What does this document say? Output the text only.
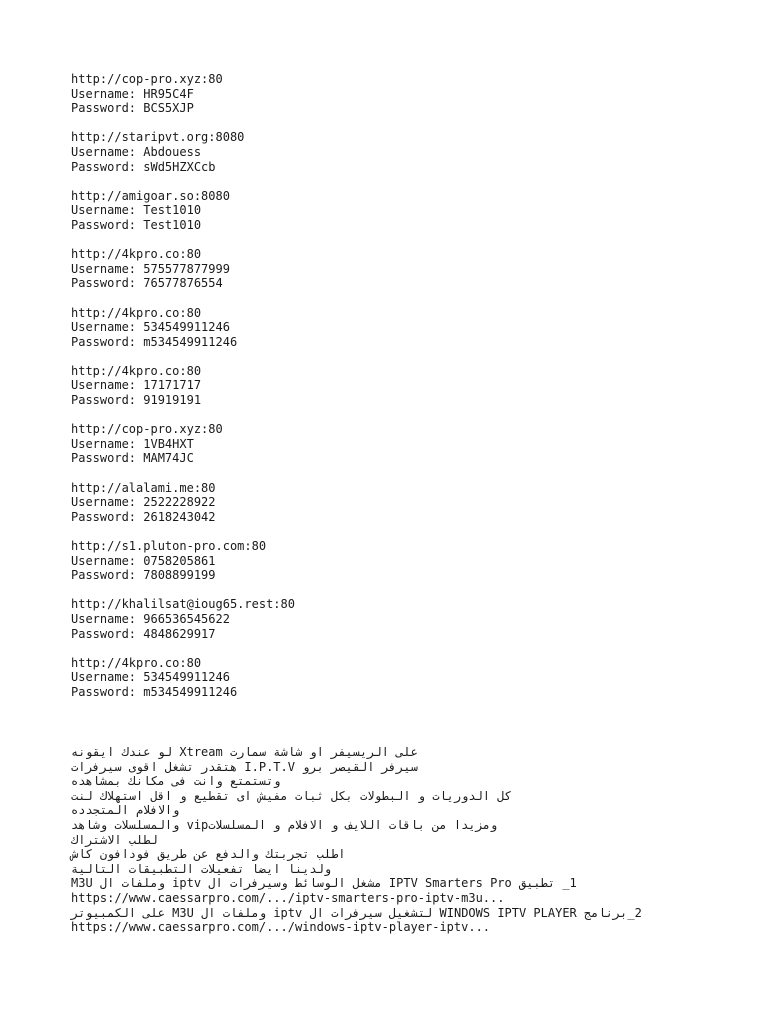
http://cop-pro.xyz:80
Username: HR95C4F
Password: BCS5XJP
http://staripvt.org:8080
Username: Abdouess
Password: sWd5HZXCcb
http://amigoar.so:8080
Username: Test1010
Password: Test1010
http://4kpro.co:80
Username: 575577877999
Password: 76577876554
http://4kpro.co:80
Username: 534549911246
Password: m534549911246
http://4kpro.co:80
Username: 17171717
Password: 91919191
http://cop-pro.xyz:80
Username: 1VB4HXT
Password: MAM74JC
http://alalami.me:80
Username: 2522228922
Password: 2618243042
http://s1.pluton-pro.com:80
Username: 0758205861
Password: 7808899199
http://khalilsat@ioug65.rest:80
Username: 966536545622
Password: 4848629917
http://4kpro.co:80
Username: 534549911246
Password: m534549911246
على الريسيفر او شاشة سمارت Xtream لو عندك ايقونه
سيرفر القيصر برو I.P.T.V هتقدر تشغل اقوى سيرفرات
وتستمتع وانت فى مكانك بمشاهده
كل الدوريات و البطولات بكل ثبات مفيش اى تقطيع و اقل استهلاك لنت
والافلام المتجدده
ومزيدا من باقات اللايف و الافلام و المسلسلاتvip والمسلسلات وشاهد
لطلب الاشتراك
اطلب تجربتك والدفع عن طريق فودافون كاش
ولدينا ايضا تفعيلات التطبيقات التالية
1_ تطبيق IPTV Smarters Pro مشغل الوسائط وسيرفرات ال iptv وملفات ال M3U
https://www.caessarpro.com/.../iptv-smarters-pro-iptv-m3u...
2_برنامج WINDOWS IPTV PLAYER لتشغيل سيرفرات ال iptv وملفات ال M3U على الكمبيوتر
https://www.caessarpro.com/.../windows-iptv-player-iptv...
